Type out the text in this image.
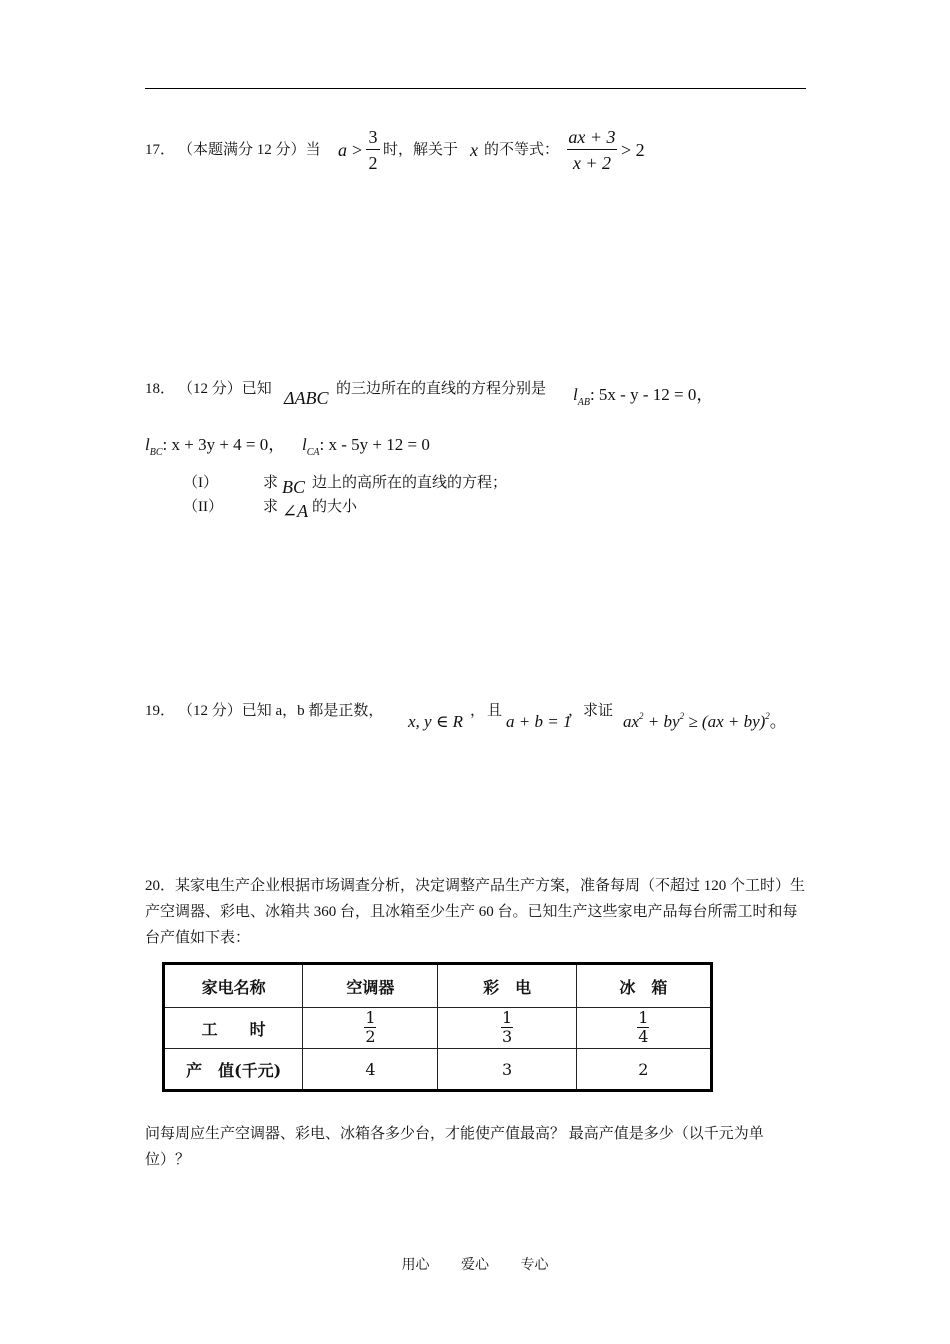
17． （本题满分 12 分）当 a >
3
2
时，解关于 x 的不等式：
ax + 3
x + 2
> 2
18． （12 分）已知 ΔABC 的三边所在的直线的方程分别是 $l_{AB}$: 5x - y - 12 = 0，
$l_{BC}$: x + 3y + 4 = 0， $l_{CA}$: x - 5y + 12 = 0
（I）	求 BC 边上的高所在的直线的方程；
（II）	求 ∠A 的大小
19． （12 分）已知 a，b 都是正数，
x, y ∈ R
， 且
a + b = 1
，求证
$ax^2 + by^2 \ge (ax + by)^2$。
20．某家电生产企业根据市场调查分析，决定调整产品生产方案，准备每周（不超过 120 个工时）生产空调器、彩电、冰箱共 360 台，且冰箱至少生产 60 台。已知生产这些家电产品每台所需工时和每台产值如下表：
家电名称	空调器	彩　电	冰　箱
工　　时	$\frac{1}{2}$	$\frac{1}{3}$	$\frac{1}{4}$

产　值(千元)	4	3	2
问每周应生产空调器、彩电、冰箱各多少台，才能使产值最高？ 最高产值是多少（以千元为单位）？
用心 爱心 专心
